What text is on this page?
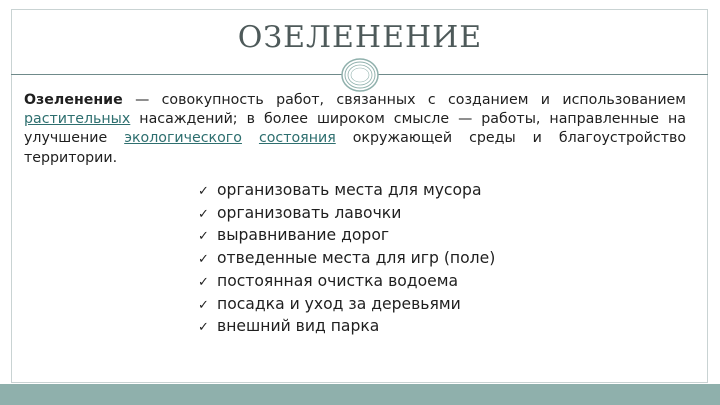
ОЗЕЛЕНЕНИЕ
Озеленение — совокупность работ, связанных с созданием и использованием растительных насаждений; в более широком смысле — работы, направленные на улучшение экологического состояния окружающей среды и благоустройство территории.
✓ организовать места для мусора
✓ организовать лавочки
✓ выравнивание дорог
✓ отведенные места для игр (поле)
✓ постоянная очистка водоема
✓ посадка и уход за деревьями
✓ внешний вид парка
